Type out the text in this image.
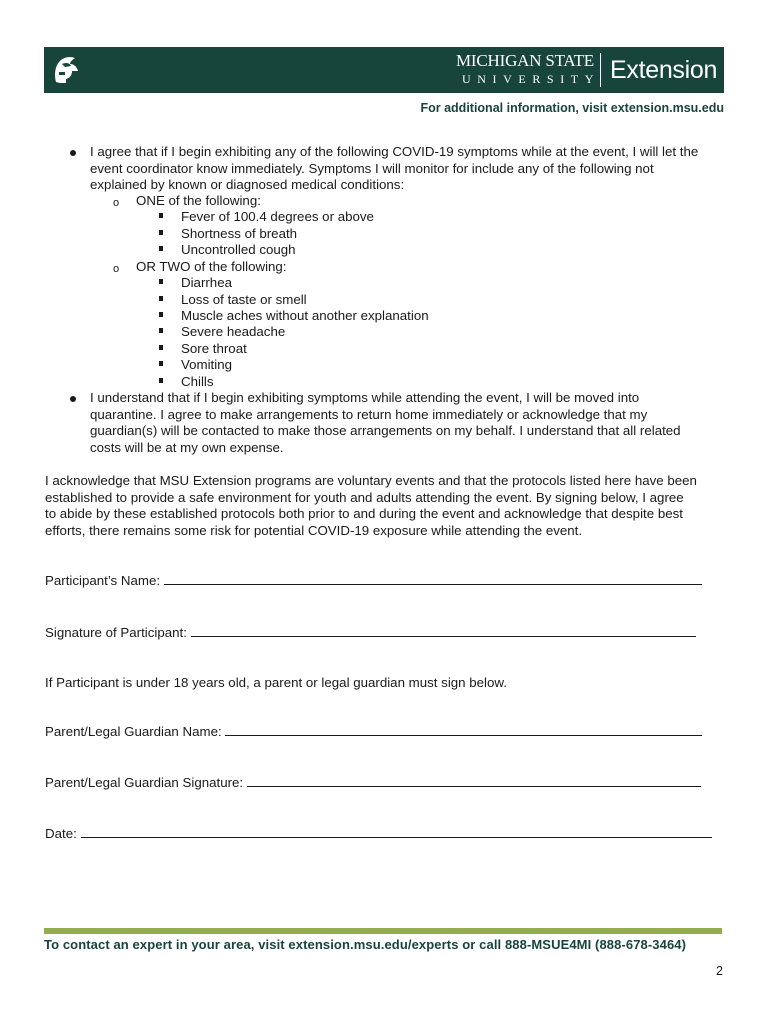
MICHIGAN STATE
UNIVERSITY Extension
For additional information, visit extension.msu.edu
I agree that if I begin exhibiting any of the following COVID-19 symptoms while at the event, I will let the
event coordinator know immediately. Symptoms I will monitor for include any of the following not
explained by known or diagnosed medical conditions:
o ONE of the following:
Fever of 100.4 degrees or above
Shortness of breath
Uncontrolled cough
o OR TWO of the following:
Diarrhea
Loss of taste or smell
Muscle aches without another explanation
Severe headache
Sore throat
Vomiting
Chills
I understand that if I begin exhibiting symptoms while attending the event, I will be moved into
quarantine. I agree to make arrangements to return home immediately or acknowledge that my
guardian(s) will be contacted to make those arrangements on my behalf. I understand that all related
costs will be at my own expense.
I acknowledge that MSU Extension programs are voluntary events and that the protocols listed here have been
established to provide a safe environment for youth and adults attending the event. By signing below, I agree
to abide by these established protocols both prior to and during the event and acknowledge that despite best
efforts, there remains some risk for potential COVID-19 exposure while attending the event.
Participant’s Name:
Signature of Participant:
If Participant is under 18 years old, a parent or legal guardian must sign below.
Parent/Legal Guardian Name:
Parent/Legal Guardian Signature:
Date:
To contact an expert in your area, visit extension.msu.edu/experts or call 888-MSUE4MI (888-678-3464)
2
